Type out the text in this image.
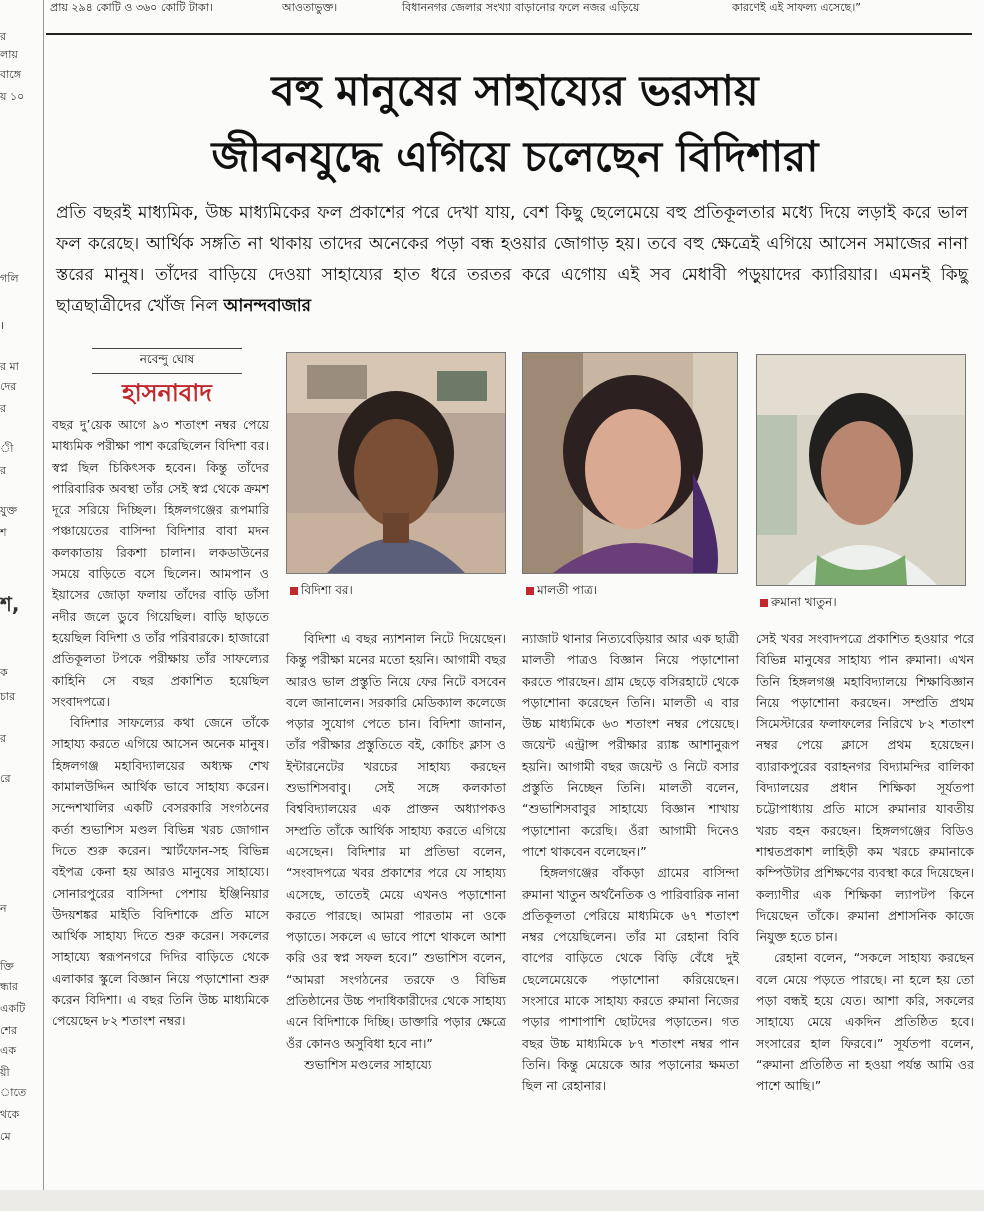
প্রায় ২৯৪ কোটি ও ৩৬০ কোটি টাকা।	আওতাভুক্ত।	বিধাননগর জেলার সংখ্যা বাড়ানোর ফলে নজর এড়িয়ে	কারণেই এই সাফল্য এসেছে।”
র
লায়
বাঙ্গে
য় ১০
গলি
।
র মা
দের
র
ী
র
যুক্ত
শ
শ,
ক
চার
র
রে
ন
ক্তি
ন্ধার
একটি
শের
এক
য়ী
াতে
থকে
মে
বহু মানুষের সাহায্যের ভরসায়
জীবনযুদ্ধে এগিয়ে চলেছেন বিদিশারা
প্রতি বছরই মাধ্যমিক, উচ্চ মাধ্যমিকের ফল প্রকাশের পরে দেখা যায়, বেশ কিছু ছেলেমেয়ে বহু প্রতিকূলতার মধ্যে দিয়ে লড়াই করে ভাল ফল করেছে। আর্থিক সঙ্গতি না থাকায় তাদের অনেকের পড়া বন্ধ হওয়ার জোগাড় হয়। তবে বহু ক্ষেত্রেই এগিয়ে আসেন সমাজের নানা স্তরের মানুষ। তাঁদের বাড়িয়ে দেওয়া সাহায্যের হাত ধরে তরতর করে এগোয় এই সব মেধাবী পড়ুয়াদের ক্যারিয়ার। এমনই কিছু ছাত্রছাত্রীদের খোঁজ নিল আনন্দবাজার
নবেন্দু ঘোষ
হাসনাবাদ
বিদিশা বর।	মালতী পাত্র।
রুমানা খাতুন।

বছর দু’য়েক আগে ৯৩ শতাংশ নম্বর পেয়ে মাধ্যমিক পরীক্ষা পাশ করেছিলেন বিদিশা বর। স্বপ্ন ছিল চিকিৎসক হবেন। কিন্তু তাঁদের পারিবারিক অবস্থা তাঁর সেই স্বপ্ন থেকে ক্রমশ দূরে সরিয়ে দিচ্ছিল। হিঙ্গলগঞ্জের রূপমারি পঞ্চায়েতের বাসিন্দা বিদিশার বাবা মদন কলকাতায় রিকশা চালান। লকডাউনের সময়ে বাড়িতে বসে ছিলেন। আমপান ও ইয়াসের জোড়া ফলায় তাঁদের বাড়ি ডাঁসা নদীর জলে ডুবে গিয়েছিল। বাড়ি ছাড়তে হয়েছিল বিদিশা ও তাঁর পরিবারকে। হাজারো প্রতিকূলতা টপকে পরীক্ষায় তাঁর সাফল্যের কাহিনি সে বছর প্রকাশিত হয়েছিল সংবাদপত্রে।

বিদিশার সাফল্যের কথা জেনে তাঁকে সাহায্য করতে এগিয়ে আসেন অনেক মানুষ। হিঙ্গলগঞ্জ মহাবিদ্যালয়ের অধ্যক্ষ শেখ কামালউদ্দিন আর্থিক ভাবে সাহায্য করেন। সন্দেশখালির একটি বেসরকারি সংগঠনের কর্তা শুভাশিস মণ্ডল বিভিন্ন খরচ জোগান দিতে শুরু করেন। স্মার্টফোন-সহ বিভিন্ন বইপত্র কেনা হয় আরও মানুষের সাহায্যে। সোনারপুরের বাসিন্দা পেশায় ইঞ্জিনিয়ার উদয়শঙ্কর মাইতি বিদিশাকে প্রতি মাসে আর্থিক সাহায্য দিতে শুরু করেন। সকলের সাহায্যে স্বরূপনগরে দিদির বাড়িতে থেকে এলাকার স্কুলে বিজ্ঞান নিয়ে পড়াশোনা শুরু করেন বিদিশা। এ বছর তিনি উচ্চ মাধ্যমিকে পেয়েছেন ৮২ শতাংশ নম্বর।

বিদিশা এ বছর ন্যাশনাল নিটে দিয়েছেন। কিন্তু পরীক্ষা মনের মতো হয়নি। আগামী বছর আরও ভাল প্রস্তুতি নিয়ে ফের নিটে বসবেন বলে জানালেন। সরকারি মেডিক্যাল কলেজে পড়ার সুযোগ পেতে চান। বিদিশা জানান, তাঁর পরীক্ষার প্রস্তুতিতে বই, কোচিং ক্লাস ও ইন্টারনেটের খরচের সাহায্য করছেন শুভাশিসবাবু। সেই সঙ্গে কলকাতা বিশ্ববিদ্যালয়ের এক প্রাক্তন অধ্যাপকও সম্প্রতি তাঁকে আর্থিক সাহায্য করতে এগিয়ে এসেছেন। বিদিশার মা প্রতিভা বলেন, “সংবাদপত্রে খবর প্রকাশের পরে যে সাহায্য এসেছে, তাতেই মেয়ে এখনও পড়াশোনা করতে পারছে। আমরা পারতাম না ওকে পড়াতে। সকলে এ ভাবে পাশে থাকলে আশা করি ওর স্বপ্ন সফল হবে।” শুভাশিস বলেন, “আমরা সংগঠনের তরফে ও বিভিন্ন প্রতিষ্ঠানের উচ্চ পদাধিকারীদের থেকে সাহায্য এনে বিদিশাকে দিচ্ছি। ডাক্তারি পড়ার ক্ষেত্রে ওঁর কোনও অসুবিধা হবে না।”

শুভাশিস মণ্ডলের সাহায্যে

ন্যাজাট থানার নিত্যবেড়িয়ার আর এক ছাত্রী মালতী পাত্রও বিজ্ঞান নিয়ে পড়াশোনা করতে পারছেন। গ্রাম ছেড়ে বসিরহাটে থেকে পড়াশোনা করেছেন তিনি। মালতী এ বার উচ্চ মাধ্যমিকে ৬৩ শতাংশ নম্বর পেয়েছে। জয়েন্ট এন্ট্রান্স পরীক্ষার র‍্যাঙ্ক আশানুরূপ হয়নি। আগামী বছর জয়েন্ট ও নিটে বসার প্রস্তুতি নিচ্ছেন তিনি। মালতী বলেন, “শুভাশিসবাবুর সাহায্যে বিজ্ঞান শাখায় পড়াশোনা করেছি। ওঁরা আগামী দিনেও পাশে থাকবেন বলেছেন।”

হিঙ্গলগঞ্জের বাঁকড়া গ্রামের বাসিন্দা রুমানা খাতুন অর্থনৈতিক ও পারিবারিক নানা প্রতিকূলতা পেরিয়ে মাধ্যমিকে ৬৭ শতাংশ নম্বর পেয়েছিলেন। তাঁর মা রেহানা বিবি বাপের বাড়িতে থেকে বিড়ি বেঁধে দুই ছেলেমেয়েকে পড়াশোনা করিয়েছেন। সংসারে মাকে সাহায্য করতে রুমানা নিজের পড়ার পাশাপাশি ছোটদের পড়াতেন। গত বছর উচ্চ মাধ্যমিকে ৮৭ শতাংশ নম্বর পান তিনি। কিন্তু মেয়েকে আর পড়ানোর ক্ষমতা ছিল না রেহানার।

সেই খবর সংবাদপত্রে প্রকাশিত হওয়ার পরে বিভিন্ন মানুষের সাহায্য পান রুমানা। এখন তিনি হিঙ্গলগঞ্জ মহাবিদ্যালয়ে শিক্ষাবিজ্ঞান নিয়ে পড়াশোনা করছেন। সম্প্রতি প্রথম সিমেস্টারের ফলাফলের নিরিখে ৮২ শতাংশ নম্বর পেয়ে ক্লাসে প্রথম হয়েছেন। ব্যারাকপুরের বরাহনগর বিদ্যামন্দির বালিকা বিদ্যালয়ের প্রধান শিক্ষিকা সূর্যতপা চট্টোপাধ্যায় প্রতি মাসে রুমানার যাবতীয় খরচ বহন করছেন। হিঙ্গলগঞ্জের বিডিও শাশ্বতপ্রকাশ লাহিড়ী কম খরচে রুমানাকে কম্পিউটার প্রশিক্ষণের ব্যবস্থা করে দিয়েছেন। কল্যাণীর এক শিক্ষিকা ল্যাপটপ কিনে দিয়েছেন তাঁকে। রুমানা প্রশাসনিক কাজে নিযুক্ত হতে চান।

রেহানা বলেন, “সকলে সাহায্য করছেন বলে মেয়ে পড়তে পারছে। না হলে হয় তো পড়া বন্ধই হয়ে যেত। আশা করি, সকলের সাহায্যে মেয়ে একদিন প্রতিষ্ঠিত হবে। সংসারের হাল ফিরবে।” সূর্যতপা বলেন, “রুমানা প্রতিষ্ঠিত না হওয়া পর্যন্ত আমি ওর পাশে আছি।”
